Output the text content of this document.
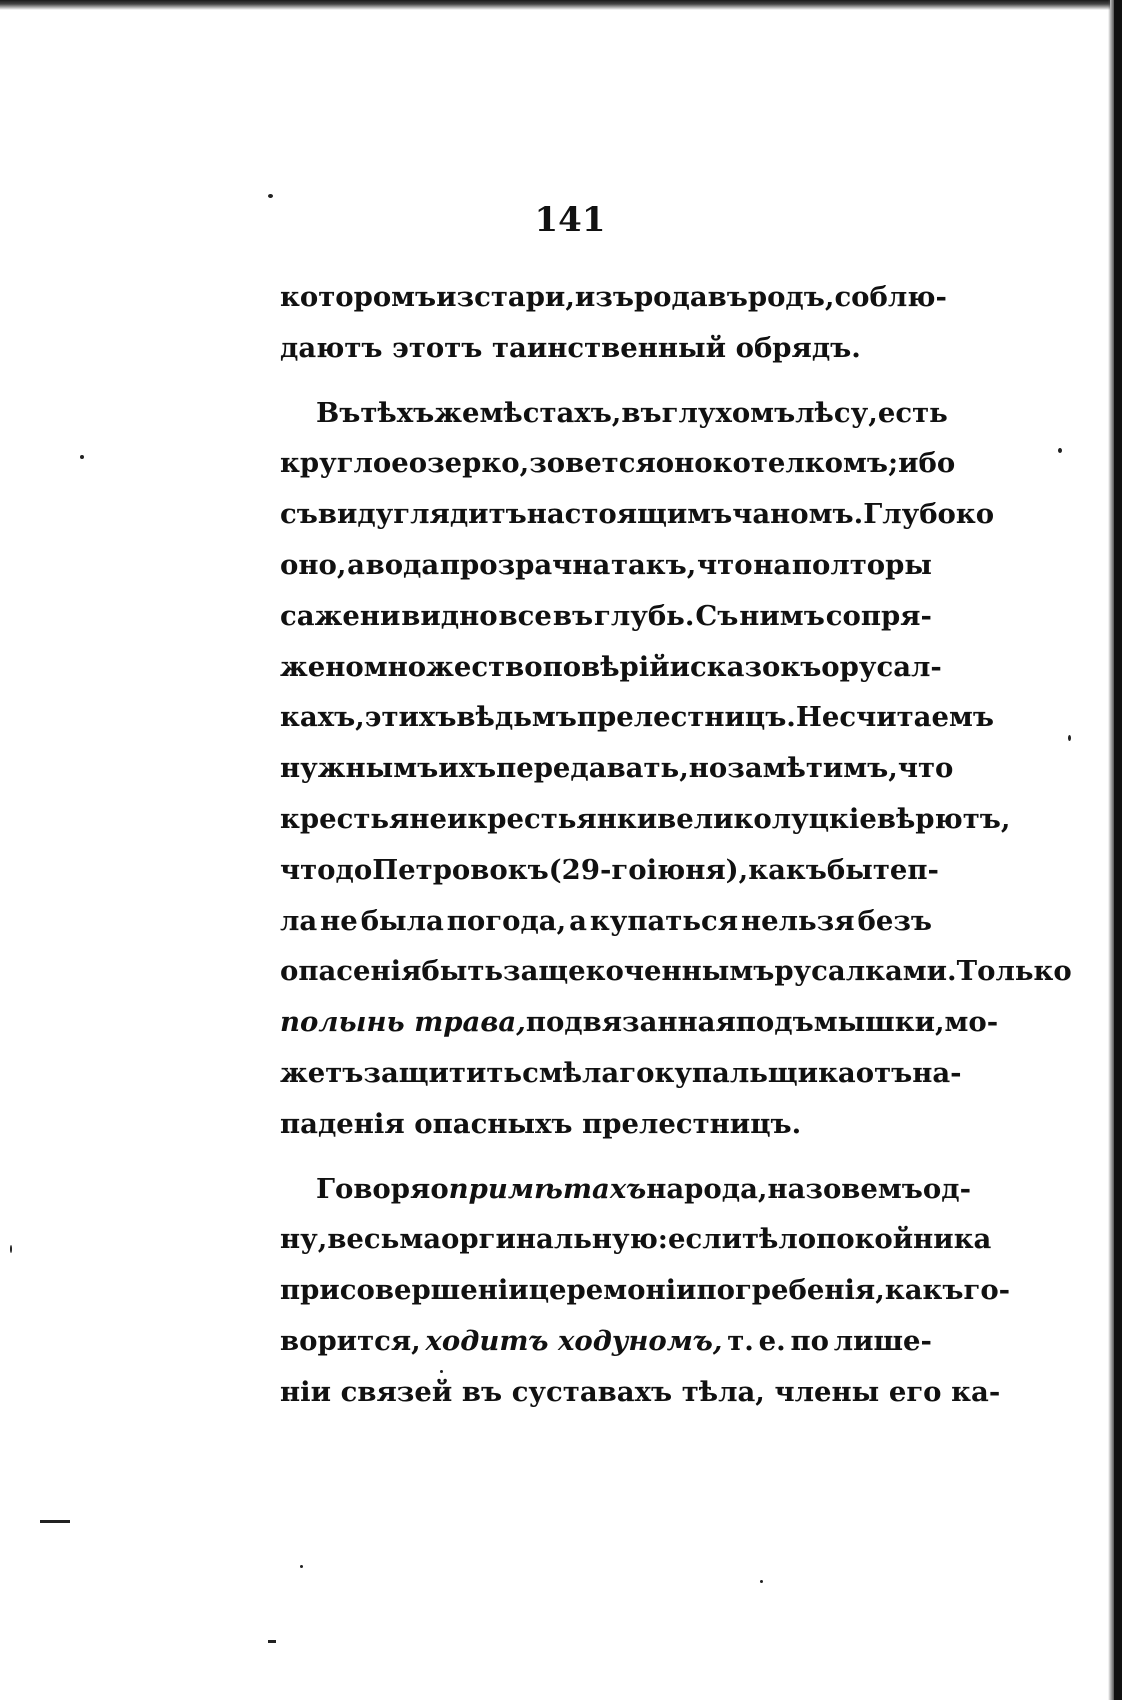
141
которомъ изстари, изъ рода въ родъ, соблю-
даютъ этотъ таинственный обрядъ.
Въ тѣхъ же мѣстахъ, въ глухомъ лѣсу, есть
круглое озерко, зовется оно котелкомъ; ибо
съ виду глядитъ настоящимъ чаномъ. Глубоко
оно, а вода прозрачна такъ, что на полторы
сажени видно все въ глубь. Съ нимъ сопря-
жено множество повѣрій и сказокъ о русал-
кахъ, этихъ вѣдьмъ прелестницъ. Не считаемъ
нужнымъ ихъ передавать, но замѣтимъ, что
крестьяне и крестьянки великолуцкіе вѣрютъ,
что до Петровокъ (29-го іюня), какъ бы теп-
ла не была погода, а купаться нельзя безъ
опасенія быть защекоченнымъ русалками. Только
полынь трава, подвязанная подъ мышки, мо-
жетъ защитить смѣлаго купальщика отъ на-
паденія опасныхъ прелестницъ.
Говоря о примѣтахъ народа, назовемъ од-
ну, весьма оргинальную: если тѣло покойника
при совершеніи церемоніи погребенія, какъ го-
ворится, ходитъ ходуномъ, т. е. по лише-
ніи связей въ суставахъ тѣла, члены его ка-
